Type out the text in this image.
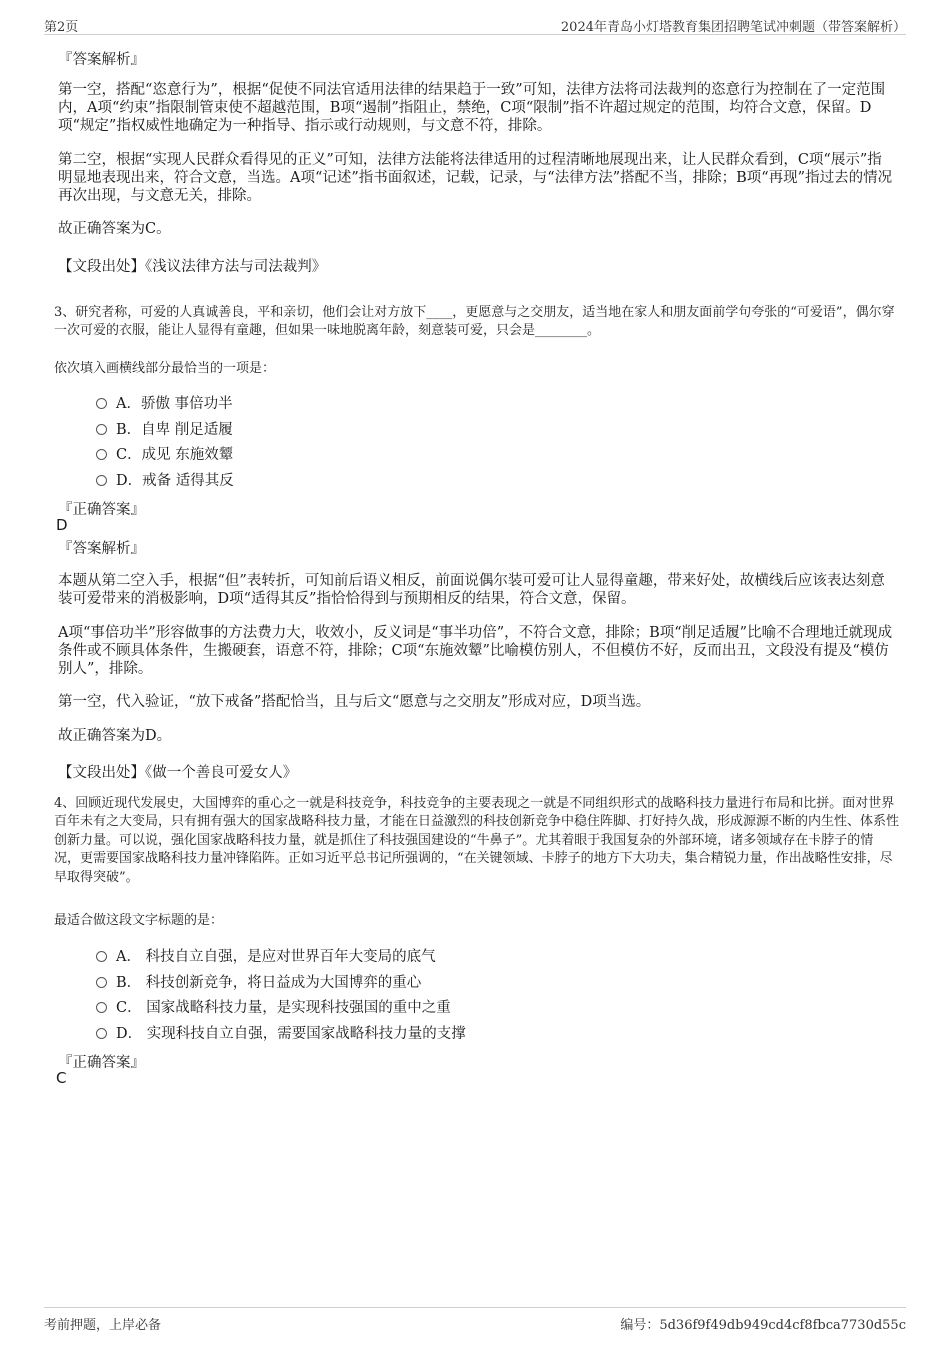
第2页	2024年青岛小灯塔教育集团招聘笔试冲刺题（带答案解析）
『答案解析』
第一空，搭配“恣意行为”，根据“促使不同法官适用法律的结果趋于一致”可知，法律方法将司法裁判的恣意行为控制在了一定范围内，A项“约束”指限制管束使不超越范围，B项“遏制”指阻止，禁绝，C项“限制”指不许超过规定的范围，均符合文意，保留。D项“规定”指权威性地确定为一种指导、指示或行动规则，与文意不符，排除。
第二空，根据“实现人民群众看得见的正义”可知，法律方法能将法律适用的过程清晰地展现出来，让人民群众看到，C项“展示”指明显地表现出来，符合文意，当选。A项“记述”指书面叙述，记载，记录，与“法律方法”搭配不当，排除；B项“再现”指过去的情况再次出现，与文意无关，排除。
故正确答案为C。
【文段出处】《浅议法律方法与司法裁判》
3、研究者称，可爱的人真诚善良，平和亲切，他们会让对方放下____，更愿意与之交朋友，适当地在家人和朋友面前学句夸张的“可爱语”，偶尔穿一次可爱的衣服，能让人显得有童趣，但如果一味地脱离年龄，刻意装可爱，只会是________。
依次填入画横线部分最恰当的一项是：
A．骄傲 事倍功半
B．自卑 削足适履
C．成见 东施效颦
D．戒备 适得其反
『正确答案』
D
『答案解析』
本题从第二空入手，根据“但”表转折，可知前后语义相反，前面说偶尔装可爱可让人显得童趣，带来好处，故横线后应该表达刻意装可爱带来的消极影响，D项“适得其反”指恰恰得到与预期相反的结果，符合文意，保留。
A项“事倍功半”形容做事的方法费力大，收效小，反义词是“事半功倍”，不符合文意，排除；B项“削足适履”比喻不合理地迁就现成条件或不顾具体条件，生搬硬套，语意不符，排除；C项“东施效颦”比喻模仿别人，不但模仿不好，反而出丑，文段没有提及“模仿别人”，排除。
第一空，代入验证，“放下戒备”搭配恰当，且与后文“愿意与之交朋友”形成对应，D项当选。
故正确答案为D。
【文段出处】《做一个善良可爱女人》
4、回顾近现代发展史，大国博弈的重心之一就是科技竞争，科技竞争的主要表现之一就是不同组织形式的战略科技力量进行布局和比拼。面对世界百年未有之大变局，只有拥有强大的国家战略科技力量，才能在日益激烈的科技创新竞争中稳住阵脚、打好持久战，形成源源不断的内生性、体系性创新力量。可以说，强化国家战略科技力量，就是抓住了科技强国建设的“牛鼻子”。尤其着眼于我国复杂的外部环境，诸多领域存在卡脖子的情况，更需要国家战略科技力量冲锋陷阵。正如习近平总书记所强调的，“在关键领域、卡脖子的地方下大功夫，集合精锐力量，作出战略性安排，尽早取得突破”。
最适合做这段文字标题的是：
A． 科技自立自强，是应对世界百年大变局的底气
B． 科技创新竞争，将日益成为大国博弈的重心
C． 国家战略科技力量，是实现科技强国的重中之重
D． 实现科技自立自强，需要国家战略科技力量的支撑
『正确答案』
C
考前押题，上岸必备	编号：5d36f9f49db949cd4cf8fbca7730d55c
